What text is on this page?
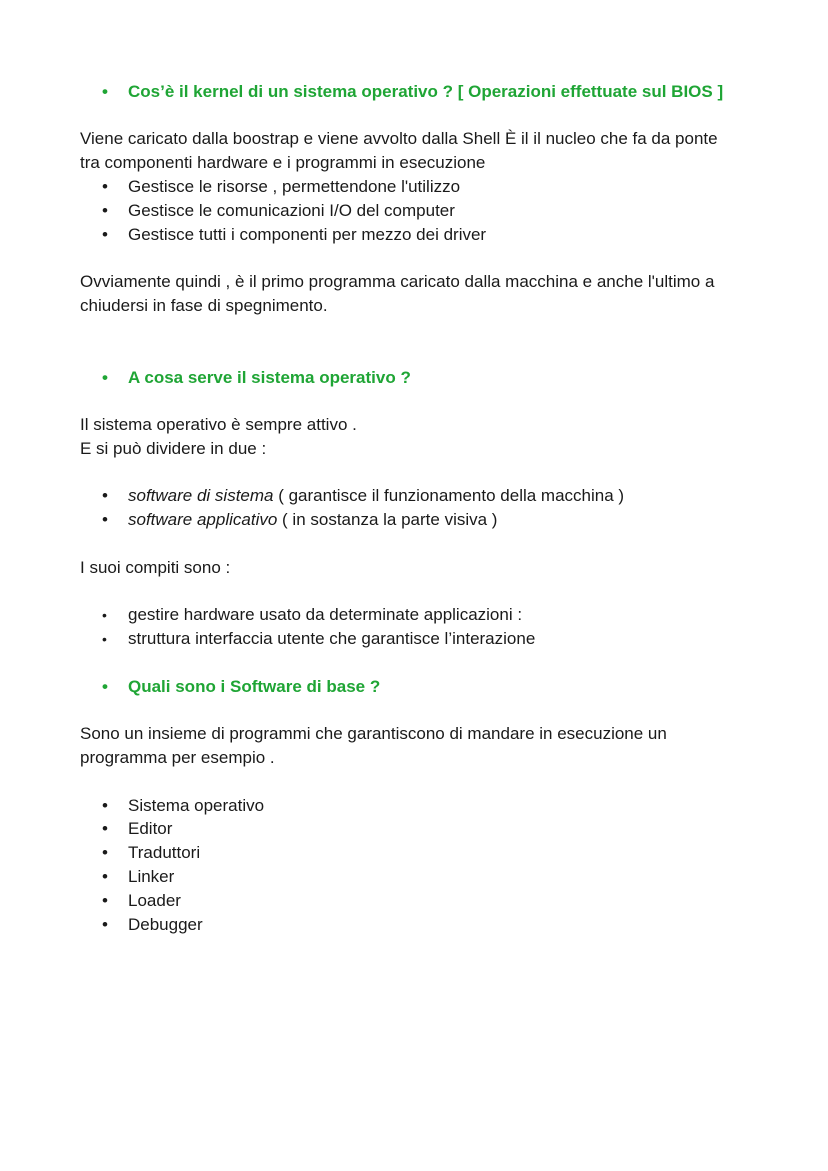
• Cos’è il kernel di un sistema operativo ? [ Operazioni effettuate sul BIOS ]
Viene caricato dalla boostrap e viene avvolto dalla Shell È il il nucleo che fa da ponte
tra componenti hardware e i programmi in esecuzione
• Gestisce le risorse , permettendone l'utilizzo
• Gestisce le comunicazioni I/O del computer
• Gestisce tutti i componenti per mezzo dei driver
Ovviamente quindi , è il primo programma caricato dalla macchina e anche l'ultimo a
chiudersi in fase di spegnimento.
• A cosa serve il sistema operativo ?
Il sistema operativo è sempre attivo .
E si può dividere in due :
• software di sistema ( garantisce il funzionamento della macchina )
• software applicativo ( in sostanza la parte visiva )
I suoi compiti sono :
• gestire hardware usato da determinate applicazioni :
• struttura interfaccia utente che garantisce l’interazione
• Quali sono i Software di base ?
Sono un insieme di programmi che garantiscono di mandare in esecuzione un
programma per esempio .
• Sistema operativo
• Editor
• Traduttori
• Linker
• Loader
• Debugger
